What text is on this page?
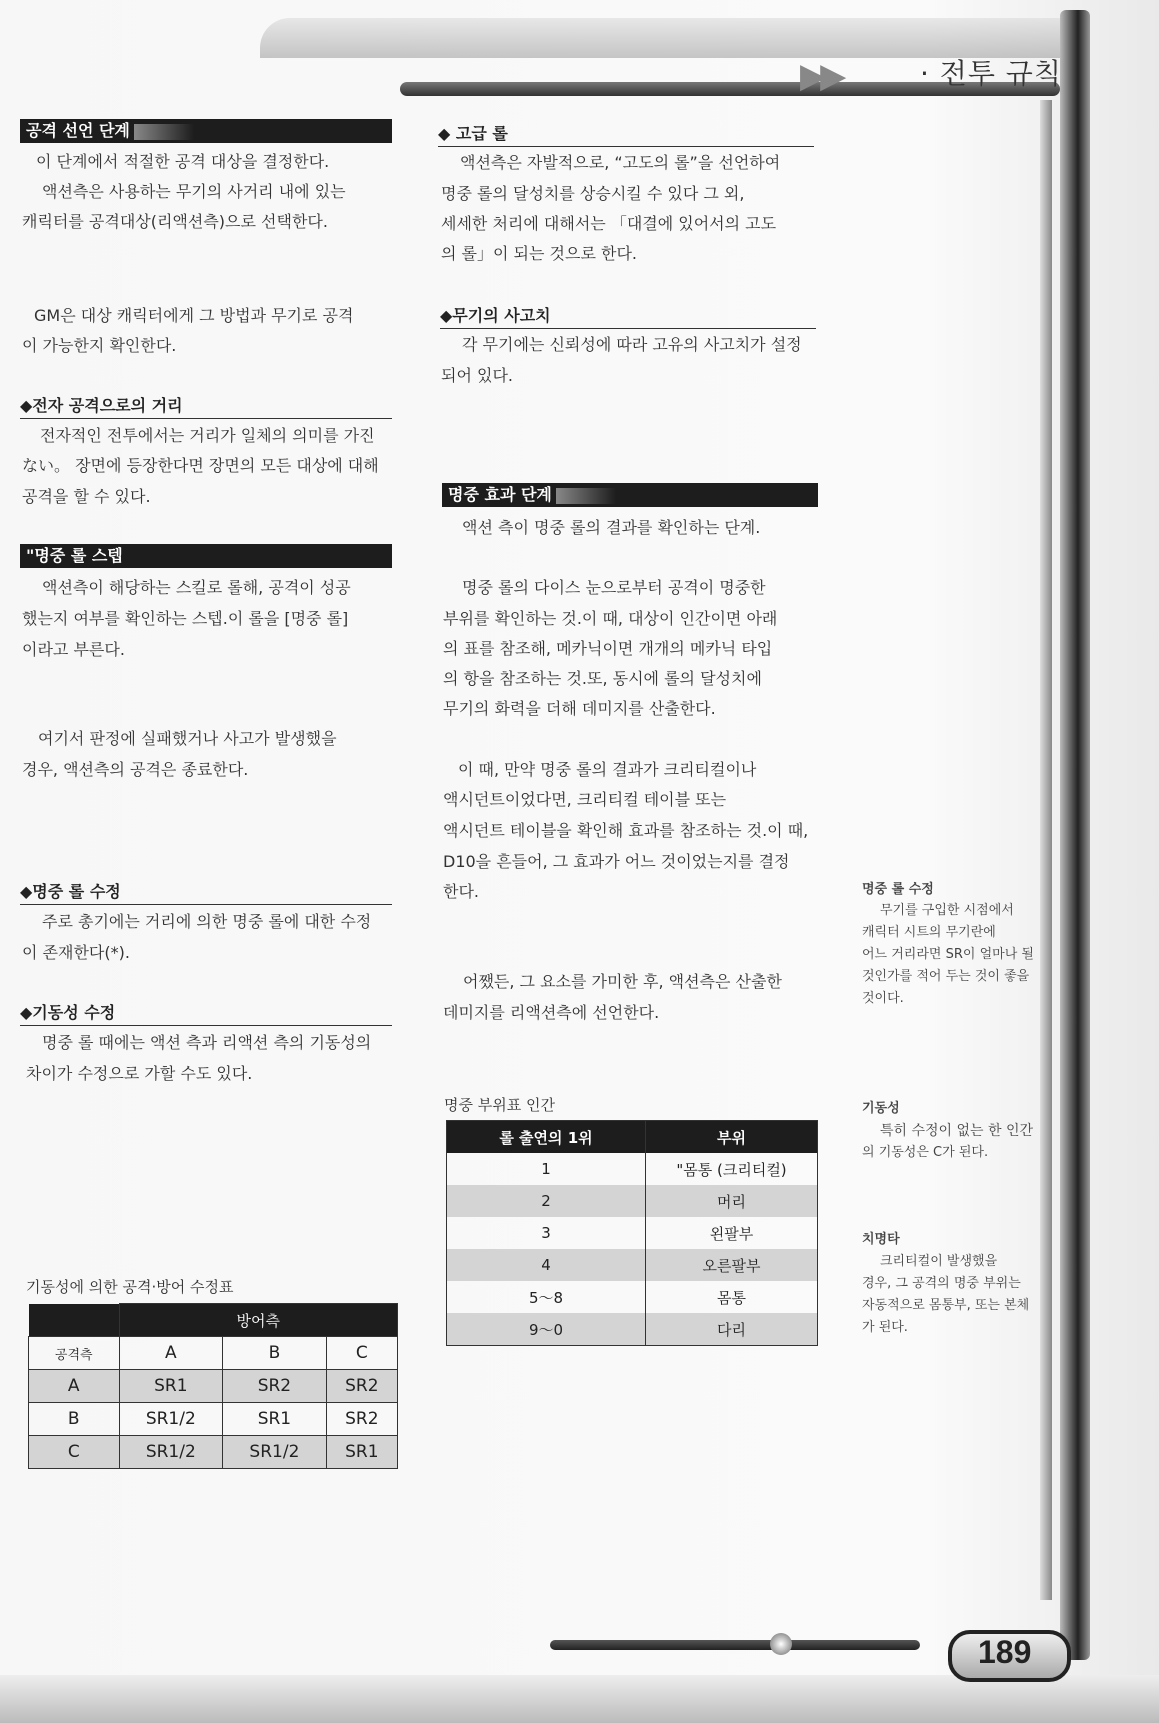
▶▶	· 전투 규칙
공격 선언 단계
이 단계에서 적절한 공격 대상을 결정한다.
액션측은 사용하는 무기의 사거리 내에 있는
캐릭터를 공격대상(리액션측)으로 선택한다.
GM은 대상 캐릭터에게 그 방법과 무기로 공격
이 가능한지 확인한다.
◆전자 공격으로의 거리
전자적인 전투에서는 거리가 일체의 의미를 가진
ない。 장면에 등장한다면 장면의 모든 대상에 대해
공격을 할 수 있다.
"명중 롤 스텝
액션측이 해당하는 스킬로 롤해, 공격이 성공
했는지 여부를 확인하는 스텝.이 롤을 [명중 롤]
이라고 부른다.
여기서 판정에 실패했거나 사고가 발생했을
경우, 액션측의 공격은 종료한다.
◆명중 롤 수정
주로 총기에는 거리에 의한 명중 롤에 대한 수정
이 존재한다(*).
◆기동성 수정
명중 롤 때에는 액션 측과 리액션 측의 기동성의
차이가 수정으로 가할 수도 있다.
기동성에 의한 공격·방어 수정표
	방어측		
공격측	A	B	C
A	SR1	SR2	SR2
B	SR1/2	SR1	SR2
C	SR1/2	SR1/2	SR1
◆ 고급 롤
액션측은 자발적으로, “고도의 롤”을 선언하여
명중 롤의 달성치를 상승시킬 수 있다 그 외,
세세한 처리에 대해서는 「대결에 있어서의 고도
의 롤」이 되는 것으로 한다.
◆무기의 사고치
각 무기에는 신뢰성에 따라 고유의 사고치가 설정
되어 있다.
명중 효과 단계
액션 측이 명중 롤의 결과를 확인하는 단계.
명중 롤의 다이스 눈으로부터 공격이 명중한
부위를 확인하는 것.이 때, 대상이 인간이면 아래
의 표를 참조해, 메카닉이면 개개의 메카닉 타입
의 항을 참조하는 것.또, 동시에 롤의 달성치에
무기의 화력을 더해 데미지를 산출한다.
이 때, 만약 명중 롤의 결과가 크리티컬이나
액시던트이었다면, 크리티컬 테이블 또는
액시던트 테이블을 확인해 효과를 참조하는 것.이 때,
D10을 흔들어, 그 효과가 어느 것이었는지를 결정
한다.
어쨌든, 그 요소를 가미한 후, 액션측은 산출한
데미지를 리액션측에 선언한다.
명중 부위표 인간
롤 출연의 1위	부위
1	"몸통 (크리티컬)
2	머리
3	왼팔부
4	오른팔부
5～8	몸통
9～0	다리
명중 롤 수정
무기를 구입한 시점에서
캐릭터 시트의 무기란에
어느 거리라면 SR이 얼마나 될
것인가를 적어 두는 것이 좋을
것이다.
기동성
특히 수정이 없는 한 인간
의 기동성은 C가 된다.
치명타
크리티컬이 발생했을
경우, 그 공격의 명중 부위는
자동적으로 몸통부, 또는 본체
가 된다.
189
